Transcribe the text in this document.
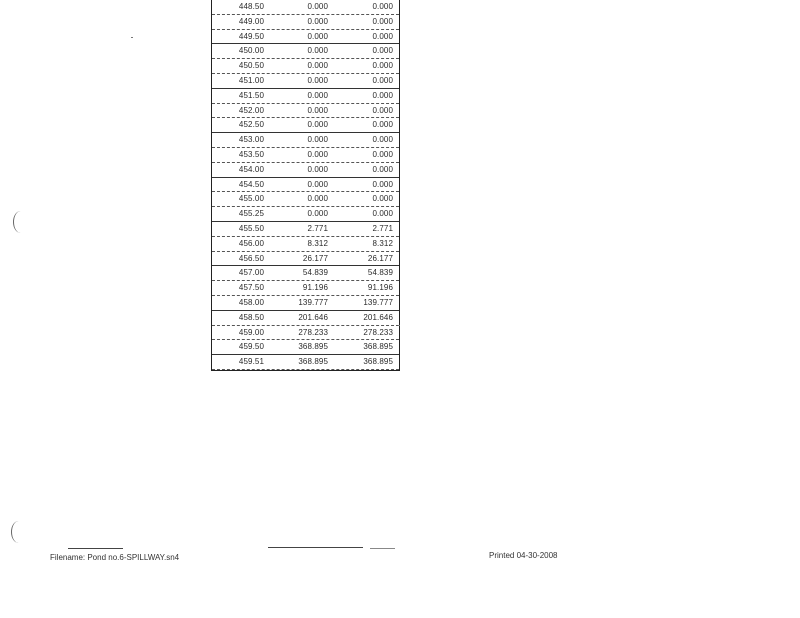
448.50	0.000	0.000
449.00	0.000	0.000
449.50	0.000	0.000
450.00	0.000	0.000
450.50	0.000	0.000
451.00	0.000	0.000
451.50	0.000	0.000
452.00	0.000	0.000
452.50	0.000	0.000
453.00	0.000	0.000
453.50	0.000	0.000
454.00	0.000	0.000
454.50	0.000	0.000
455.00	0.000	0.000
455.25	0.000	0.000
455.50	2.771	2.771
456.00	8.312	8.312
456.50	26.177	26.177
457.00	54.839	54.839
457.50	91.196	91.196
458.00	139.777	139.777
458.50	201.646	201.646
459.00	278.233	278.233
459.50	368.895	368.895
459.51	368.895	368.895
Filename: Pond no.6-SPILLWAY.sn4	Printed 04-30-2008
